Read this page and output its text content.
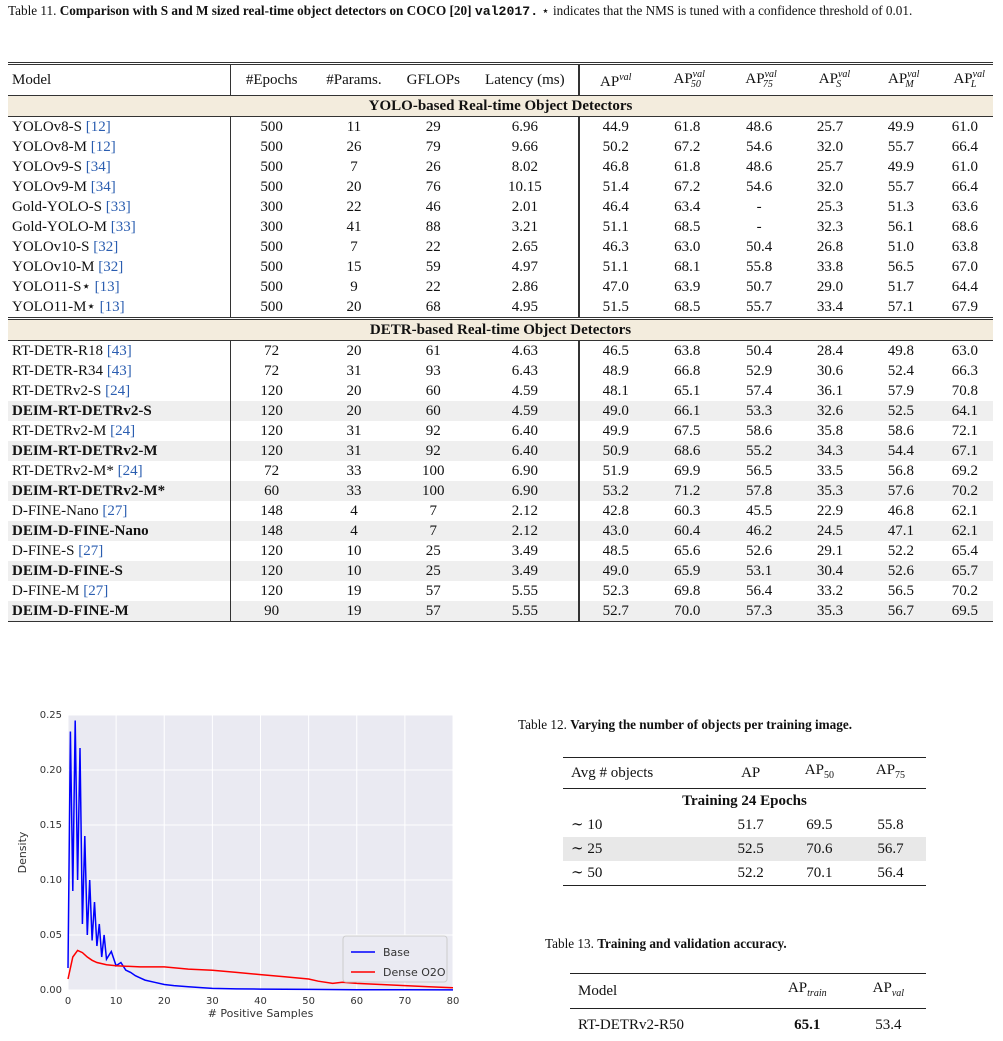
Table 11. Comparison with S and M sized real-time object detectors on COCO [20] val2017. ⋆ indicates that the NMS is tuned with a confidence threshold of 0.01.
Model	#Epochs	#Params.	GFLOPs	Latency (ms)	$AP^{val}$	$AP^{val}_{50}$	$AP^{val}_{75}$	$AP^{val}_S$	$AP^{val}_M$	$AP^{val}_L$
YOLO-based Real-time Object Detectors										
YOLOv8-S [12]	500	11	29	6.96	44.9	61.8	48.6	25.7	49.9	61.0
YOLOv8-M [12]	500	26	79	9.66	50.2	67.2	54.6	32.0	55.7	66.4
YOLOv9-S [34]	500	7	26	8.02	46.8	61.8	48.6	25.7	49.9	61.0
YOLOv9-M [34]	500	20	76	10.15	51.4	67.2	54.6	32.0	55.7	66.4
Gold-YOLO-S [33]	300	22	46	2.01	46.4	63.4	-	25.3	51.3	63.6
Gold-YOLO-M [33]	300	41	88	3.21	51.1	68.5	-	32.3	56.1	68.6
YOLOv10-S [32]	500	7	22	2.65	46.3	63.0	50.4	26.8	51.0	63.8
YOLOv10-M [32]	500	15	59	4.97	51.1	68.1	55.8	33.8	56.5	67.0
YOLO11-S⋆ [13]	500	9	22	2.86	47.0	63.9	50.7	29.0	51.7	64.4
YOLO11-M⋆ [13]	500	20	68	4.95	51.5	68.5	55.7	33.4	57.1	67.9
DETR-based Real-time Object Detectors										
RT-DETR-R18 [43]	72	20	61	4.63	46.5	63.8	50.4	28.4	49.8	63.0
RT-DETR-R34 [43]	72	31	93	6.43	48.9	66.8	52.9	30.6	52.4	66.3
RT-DETRv2-S [24]	120	20	60	4.59	48.1	65.1	57.4	36.1	57.9	70.8
DEIM-RT-DETRv2-S	120	20	60	4.59	49.0	66.1	53.3	32.6	52.5	64.1
RT-DETRv2-M [24]	120	31	92	6.40	49.9	67.5	58.6	35.8	58.6	72.1
DEIM-RT-DETRv2-M	120	31	92	6.40	50.9	68.6	55.2	34.3	54.4	67.1
RT-DETRv2-M* [24]	72	33	100	6.90	51.9	69.9	56.5	33.5	56.8	69.2
DEIM-RT-DETRv2-M*	60	33	100	6.90	53.2	71.2	57.8	35.3	57.6	70.2
D-FINE-Nano [27]	148	4	7	2.12	42.8	60.3	45.5	22.9	46.8	62.1
DEIM-D-FINE-Nano	148	4	7	2.12	43.0	60.4	46.2	24.5	47.1	62.1
D-FINE-S [27]	120	10	25	3.49	48.5	65.6	52.6	29.1	52.2	65.4
DEIM-D-FINE-S	120	10	25	3.49	49.0	65.9	53.1	30.4	52.6	65.7
D-FINE-M [27]	120	19	57	5.55	52.3	69.8	56.4	33.2	56.5	70.2
DEIM-D-FINE-M	90	19	57	5.55	52.7	70.0	57.3	35.3	56.7	69.5
0	10	20	30	40	50	60	70	80
0.00
0.05
0.10
0.15
0.20
0.25
# Positive Samples
Density
Base
Dense O2O
Table 12. Varying the number of objects per training image.
Avg # objects	AP	$AP_{50}$	$AP_{75}$
Training 24 Epochs			
∼ 10	51.7	69.5	55.8
∼ 25	52.5	70.6	56.7
∼ 50	52.2	70.1	56.4
Table 13. Training and validation accuracy.
Model	$AP_{train}$	$AP_{val}$
RT-DETRv2-R50	65.1	53.4
